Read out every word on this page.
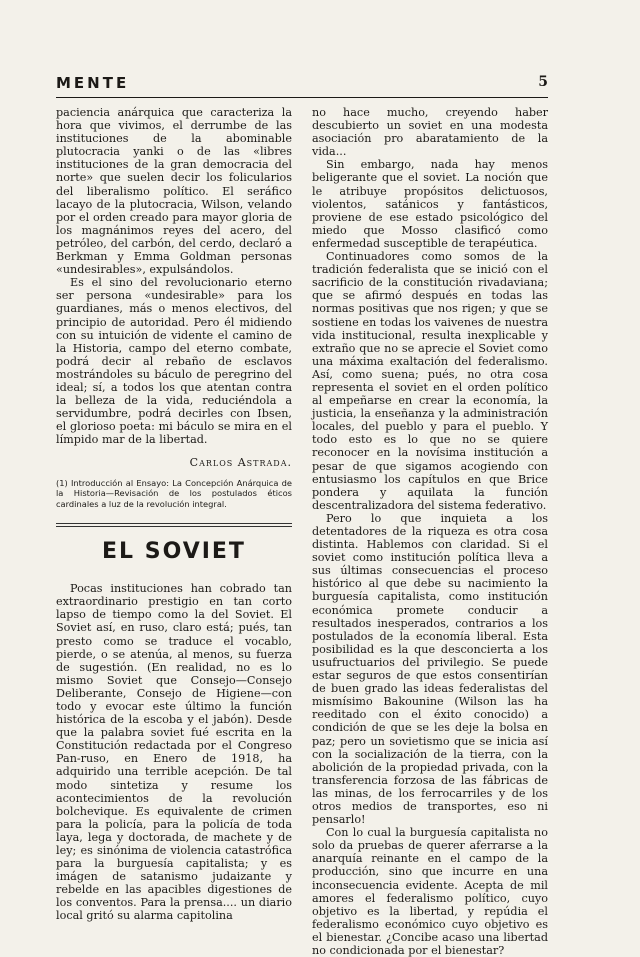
MENTE	5

paciencia anárquica que caracteriza la hora que vivimos, el derrumbe de las instituciones de la abominable plutocracia yanki o de las «libres instituciones de la gran democracia del norte» que suelen decir los folicularios del liberalismo político. El seráfico lacayo de la plutocracia, Wilson, velando por el orden creado para mayor gloria de los magnánimos reyes del acero, del petróleo, del carbón, del cerdo, declaró a Berkman y Emma Goldman personas «undesirables», expulsándolos.

Es el sino del revolucionario eterno ser persona «undesirable» para los guardianes, más o menos electivos, del principio de autoridad. Pero él midiendo con su intuición de vidente el camino de la Historia, campo del eterno combate, podrá decir al rebaño de esclavos mostrándoles su báculo de peregrino del ideal; sí, a todos los que atentan contra la belleza de la vida, reduciéndola a servidumbre, podrá decirles con Ibsen, el glorioso poeta: mi báculo se mira en el límpido mar de la libertad.

Carlos Astrada.
(1) Introducción al Ensayo: La Concepción Anárquica de la Historia—Revisación de los postulados éticos cardinales a luz de la revolución integral.
EL SOVIET

Pocas instituciones han cobrado tan extraordinario prestigio en tan corto lapso de tiempo como la del Soviet. El Soviet así, en ruso, claro está; pués, tan presto como se traduce el vocablo, pierde, o se atenúa, al menos, su fuerza de sugestión. (En realidad, no es lo mismo Soviet que Consejo—Consejo Deliberante, Consejo de Higiene—con todo y evocar este último la función histórica de la escoba y el jabón). Desde que la palabra soviet fué escrita en la Constitución redactada por el Congreso Pan-ruso, en Enero de 1918, ha adquirido una terrible acepción. De tal modo sintetiza y resume los acontecimientos de la revolución bolchevique. Es equivalente de crimen para la policía, para la policía de toda laya, lega y doctorada, de machete y de ley; es sinónima de violencia catastrófica para la burguesía capitalista; y es imágen de satanismo judaizante y rebelde en las apacibles digestiones de los conventos. Para la prensa.... un diario local gritó su alarma capitolina

no hace mucho, creyendo haber descubierto un soviet en una modesta asociación pro abaratamiento de la vida...

Sin embargo, nada hay menos beligerante que el soviet. La noción que le atribuye propósitos delictuosos, violentos, satánicos y fantásticos, proviene de ese estado psicológico del miedo que Mosso clasificó como enfermedad susceptible de terapéutica.

Continuadores como somos de la tradición federalista que se inició con el sacrificio de la constitución rivadaviana; que se afirmó después en todas las normas positivas que nos rigen; y que se sostiene en todas los vaivenes de nuestra vida institucional, resulta inexplicable y extraño que no se aprecie el Soviet como una máxima exaltación del federalismo. Así, como suena; pués, no otra cosa representa el soviet en el orden político al empeñarse en crear la economía, la justicia, la enseñanza y la administración locales, del pueblo y para el pueblo. Y todo esto es lo que no se quiere reconocer en la novísima institución a pesar de que sigamos acogiendo con entusiasmo los capítulos en que Brice pondera y aquilata la función descentralizadora del sistema federativo.

Pero lo que inquieta a los detentadores de la riqueza es otra cosa distinta. Hablemos con claridad. Si el soviet como institución política lleva a sus últimas consecuencias el proceso histórico al que debe su nacimiento la burguesía capitalista, como institución económica promete conducir a resultados inesperados, contrarios a los postulados de la economía liberal. Esta posibilidad es la que desconcierta a los usufructuarios del privilegio. Se puede estar seguros de que estos consentirían de buen grado las ideas federalistas del mismísimo Bakounine (Wilson las ha reeditado con el éxito conocido) a condición de que se les deje la bolsa en paz; pero un sovietismo que se inicia así con la socialización de la tierra, con la abolición de la propiedad privada, con la transferencia forzosa de las fábricas de las minas, de los ferrocarriles y de los otros medios de transportes, eso ni pensarlo!

Con lo cual la burguesía capitalista no solo da pruebas de querer aferrarse a la anarquía reinante en el campo de la producción, sino que incurre en una inconsecuencia evidente. Acepta de mil amores el federalismo político, cuyo objetivo es la libertad, y repúdia el federalismo económico cuyo objetivo es el bienestar. ¿Concibe acaso una libertad no condicionada por el bienestar?
